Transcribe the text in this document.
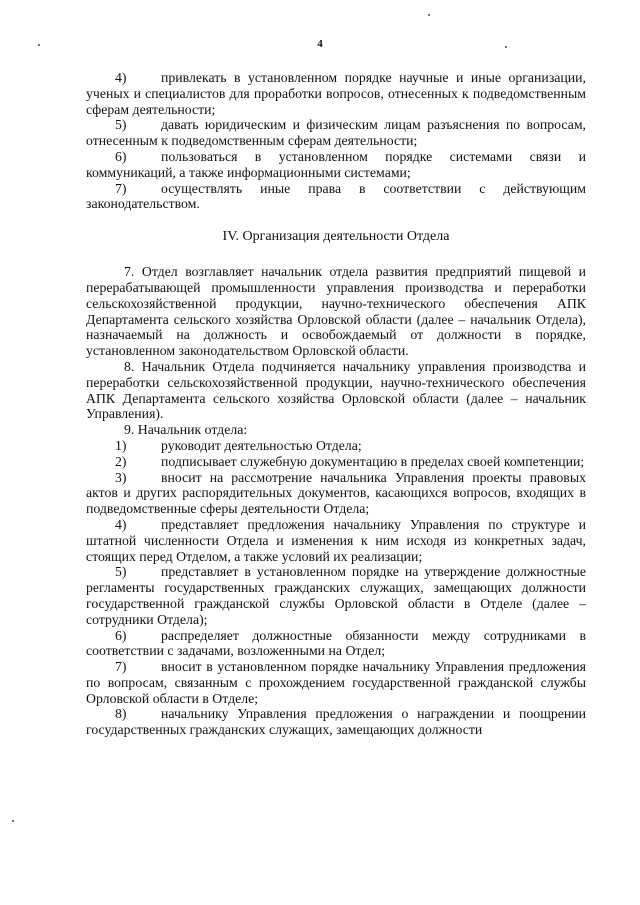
4

4)	привлекать в установленном порядке научные и иные организации, ученых и специалистов для проработки вопросов, отнесенных к подведомственным сферам деятельности;

5)	давать юридическим и физическим лицам разъяснения по вопросам, отнесенным к подведомственным сферам деятельности;

6)	пользоваться в установленном порядке системами связи и коммуникаций, а также информационными системами;

7)	осуществлять иные права в соответствии с действующим законодательством.

IV. Организация деятельности Отдела

7. Отдел возглавляет начальник отдела развития предприятий пищевой и перерабатывающей промышленности управления производства и переработки сельскохозяйственной продукции, научно-технического обеспечения АПК Департамента сельского хозяйства Орловской области (далее – начальник Отдела), назначаемый на должность и освобождаемый от должности в порядке, установленном законодательством Орловской области.

8. Начальник Отдела подчиняется начальнику управления производства и переработки сельскохозяйственной продукции, научно-технического обеспечения АПК Департамента сельского хозяйства Орловской области (далее – начальник Управления).

9. Начальник отдела:

1)	руководит деятельностью Отдела;

2)	подписывает служебную документацию в пределах своей компетенции;

3)	вносит на рассмотрение начальника Управления проекты правовых актов и других распорядительных документов, касающихся вопросов, входящих в подведомственные сферы деятельности Отдела;

4)	представляет предложения начальнику Управления по структуре и штатной численности Отдела и изменения к ним исходя из конкретных задач, стоящих перед Отделом, а также условий их реализации;

5)	представляет в установленном порядке на утверждение должностные регламенты государственных гражданских служащих, замещающих должности государственной гражданской службы Орловской области в Отделе (далее – сотрудники Отдела);

6)	распределяет должностные обязанности между сотрудниками в соответствии с задачами, возложенными на Отдел;

7)	вносит в установленном порядке начальнику Управления предложения по вопросам, связанным с прохождением государственной гражданской службы Орловской области в Отделе;

8)	начальнику Управления предложения о награждении и поощрении государственных гражданских служащих, замещающих должности
